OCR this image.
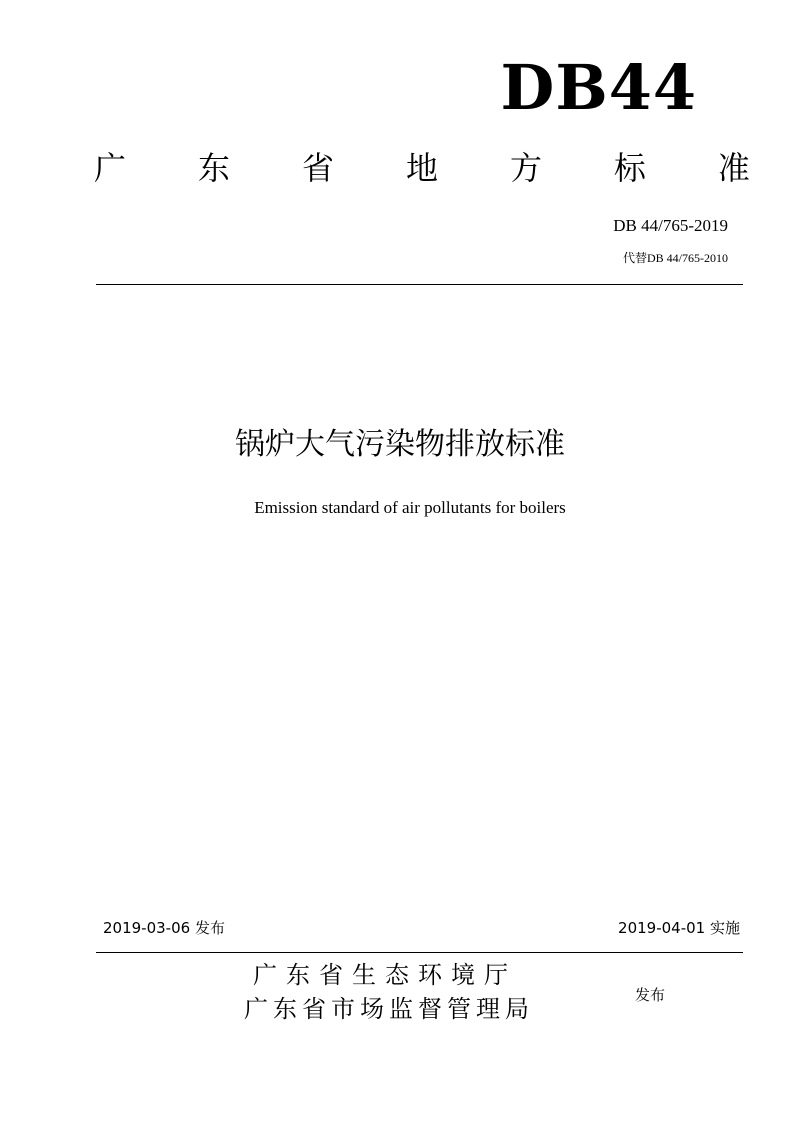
DB44
广 东 省 地 方 标 准
DB 44/765-2019
代替DB 44/765-2010
锅炉大气污染物排放标准
Emission standard of air pollutants for boilers
2019-03-06 发布	2019-04-01 实施
广东省生态环境厅
广东省市场监督管理局	发布
